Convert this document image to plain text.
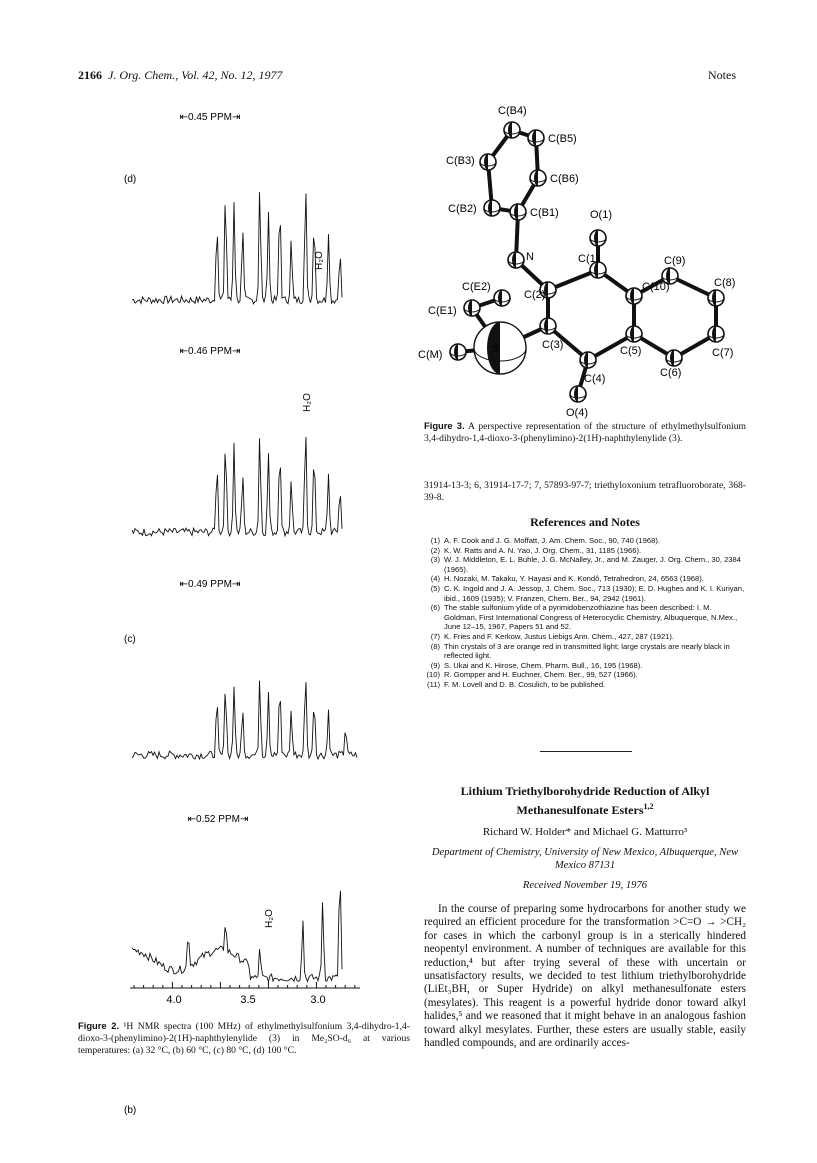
2166 J. Org. Chem., Vol. 42, No. 12, 1977	Notes
(d)
⇤0.45 PPM⇥
H₂O
(c)
⇤0.46 PPM⇥
H₂O
(b)
⇤0.49 PPM⇥
⇤0.52 PPM⇥
H₂O
4.0	3.5	3.0
Figure 2. ¹H NMR spectra (100 MHz) of ethylmethylsulfonium 3,4-dihydro-1,4-dioxo-3-(phenylimino)-2(1H)-naphthylenylide (3) in Me₂SO-d₆ at various temperatures: (a) 32 °C, (b) 60 °C, (c) 80 °C, (d) 100 °C.
C(B4)
C(B5)
C(B3)
C(B6)
C(B2)	C(B1)	O(1)
N	C(1)	C(9)
C(E2)	C(10)	C(8)
C(E1)
C(2)
C(3)	C(5)	C(7)
C(M)	S
C(4)	C(6)
O(4)
Figure 3. A perspective representation of the structure of ethylmethylsulfonium 3,4-dihydro-1,4-dioxo-3-(phenylimino)-2(1H)-naphthylenylide (3).
31914-13-3; 6, 31914-17-7; 7, 57893-97-7; triethyloxonium tetrafluoroborate, 368-39-8.
References and Notes
(1) A. F. Cook and J. G. Moffatt, J. Am. Chem. Soc., 90, 740 (1968).
(2) K. W. Ratts and A. N. Yao, J. Org. Chem., 31, 1185 (1966).
(3) W. J. Middleton, E. L. Buhle, J. G. McNalley, Jr., and M. Zauger, J. Org. Chem., 30, 2384 (1965).
(4) H. Nozaki, M. Takaku, Y. Hayasi and K. Kondô, Tetrahedron, 24, 6563 (1968).
(5) C. K. Ingold and J. A. Jessop, J. Chem. Soc., 713 (1930); E. D. Hughes and K. I. Kuriyan, ibid., 1609 (1935); V. Franzen, Chem. Ber., 94, 2942 (1961).
(6) The stable sulfonium ylide of a pyrimidobenzothiazine has been described: I. M. Goldman, First International Congress of Heterocyclic Chemistry, Albuquerque, N.Mex., June 12–15, 1967, Papers 51 and 52.
(7) K. Fries and F. Kerkow, Justus Liebigs Ann. Chem., 427, 287 (1921).
(8) Thin crystals of 3 are orange red in transmitted light; large crystals are nearly black in reflected light.
(9) S. Ukai and K. Hirose, Chem. Pharm. Bull., 16, 195 (1968).
(10) R. Gompper and H. Euchner, Chem. Ber., 99, 527 (1966).
(11) F. M. Lovell and D. B. Cosulich, to be published.
Lithium Triethylborohydride Reduction of Alkyl Methanesulfonate Esters$^{1,2}$
Richard W. Holder* and Michael G. Matturro³
Department of Chemistry, University of New Mexico, Albuquerque, New Mexico 87131
Received November 19, 1976
In the course of preparing some hydrocarbons for another study we required an efficient procedure for the transformation >C=O → >CH₂ for cases in which the carbonyl group is in a sterically hindered neopentyl environment. A number of techniques are available for this reduction,⁴ but after trying several of these with uncertain or unsatisfactory results, we decided to test lithium triethylborohydride (LiEt₃BH, or Super Hydride) on alkyl methanesulfonate esters (mesylates). This reagent is a powerful hydride donor toward alkyl halides,⁵ and we reasoned that it might behave in an analogous fashion toward alkyl mesylates. Further, these esters are usually stable, easily handled compounds, and are ordinarily acces-
